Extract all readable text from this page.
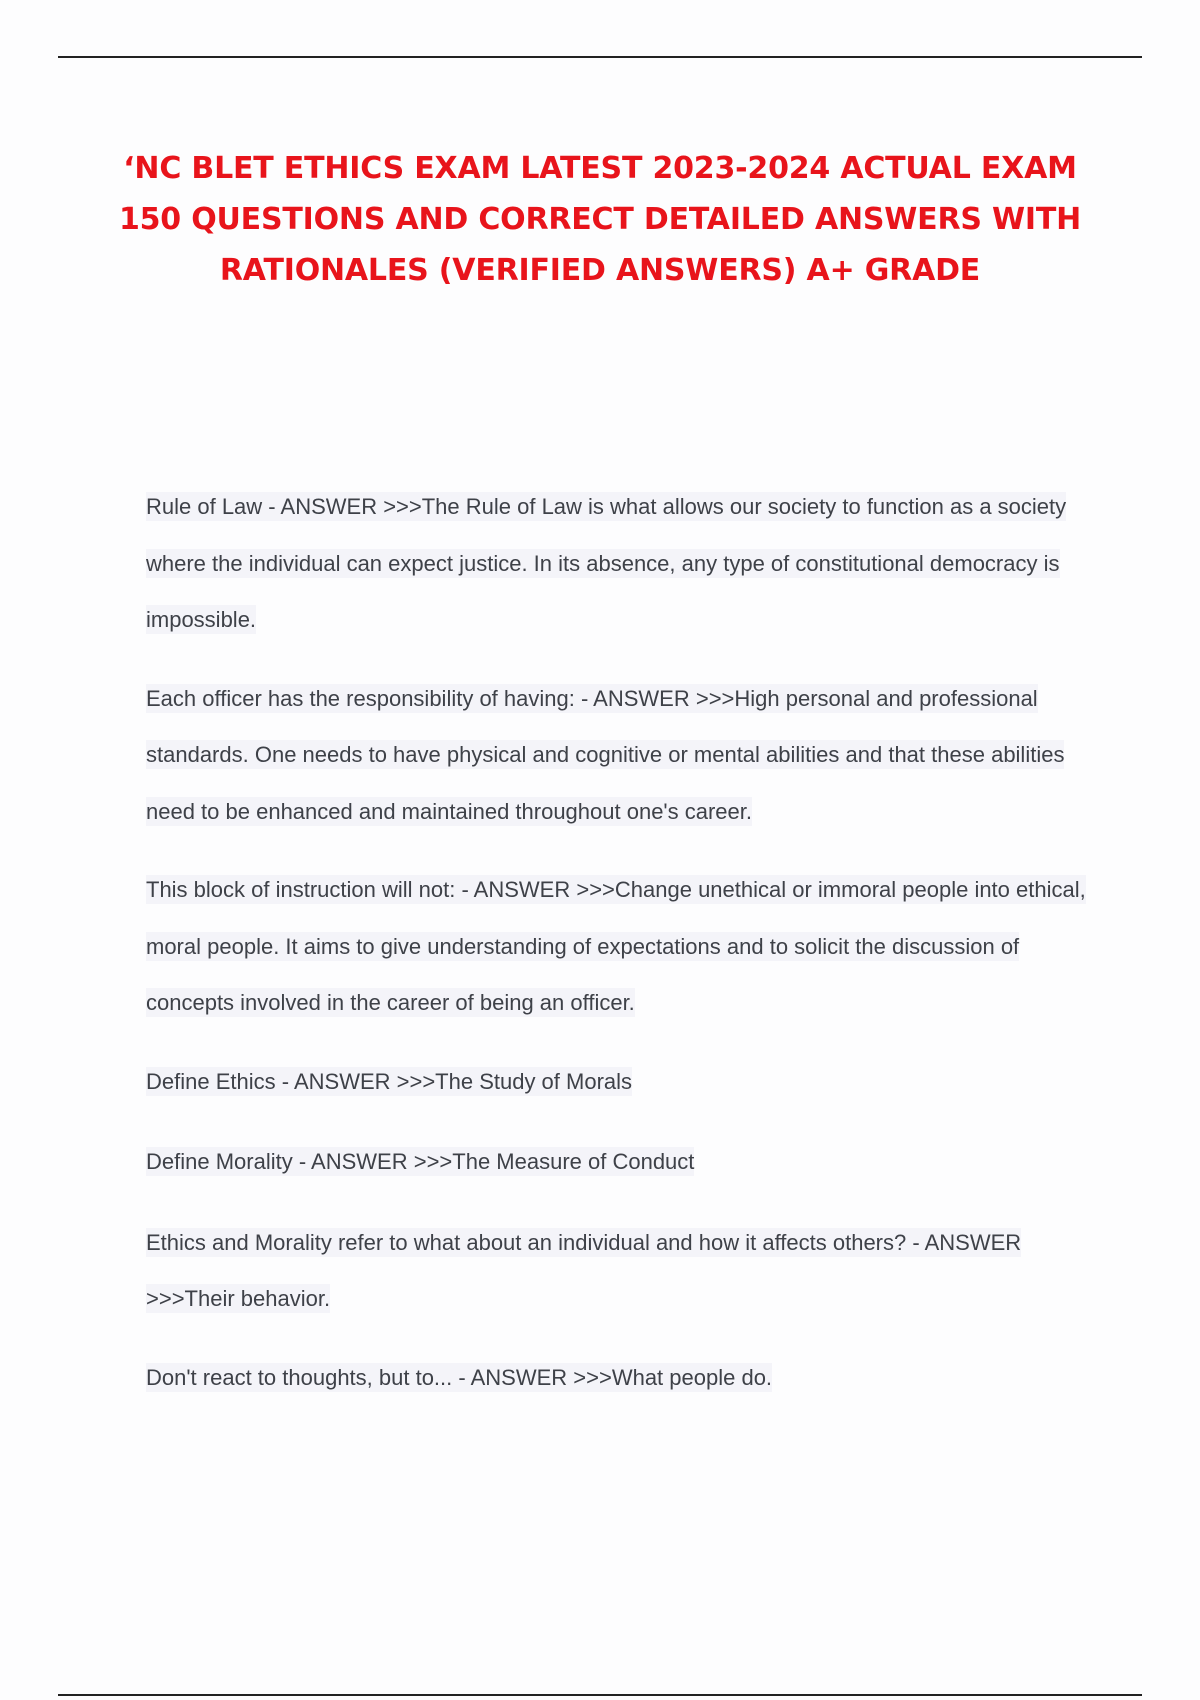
‘NC BLET ETHICS EXAM LATEST 2023-2024 ACTUAL EXAM 150 QUESTIONS AND CORRECT DETAILED ANSWERS WITH RATIONALES (VERIFIED ANSWERS) A+ GRADE

Rule of Law - ANSWER >>>The Rule of Law is what allows our society to function as a society where the individual can expect justice. In its absence, any type of constitutional democracy is impossible.

Each officer has the responsibility of having: - ANSWER >>>High personal and professional standards. One needs to have physical and cognitive or mental abilities and that these abilities need to be enhanced and maintained throughout one's career.

This block of instruction will not: - ANSWER >>>Change unethical or immoral people into ethical, moral people. It aims to give understanding of expectations and to solicit the discussion of concepts involved in the career of being an officer.

Define Ethics - ANSWER >>>The Study of Morals

Define Morality - ANSWER >>>The Measure of Conduct

Ethics and Morality refer to what about an individual and how it affects others? - ANSWER >>>Their behavior.

Don't react to thoughts, but to... - ANSWER >>>What people do.
